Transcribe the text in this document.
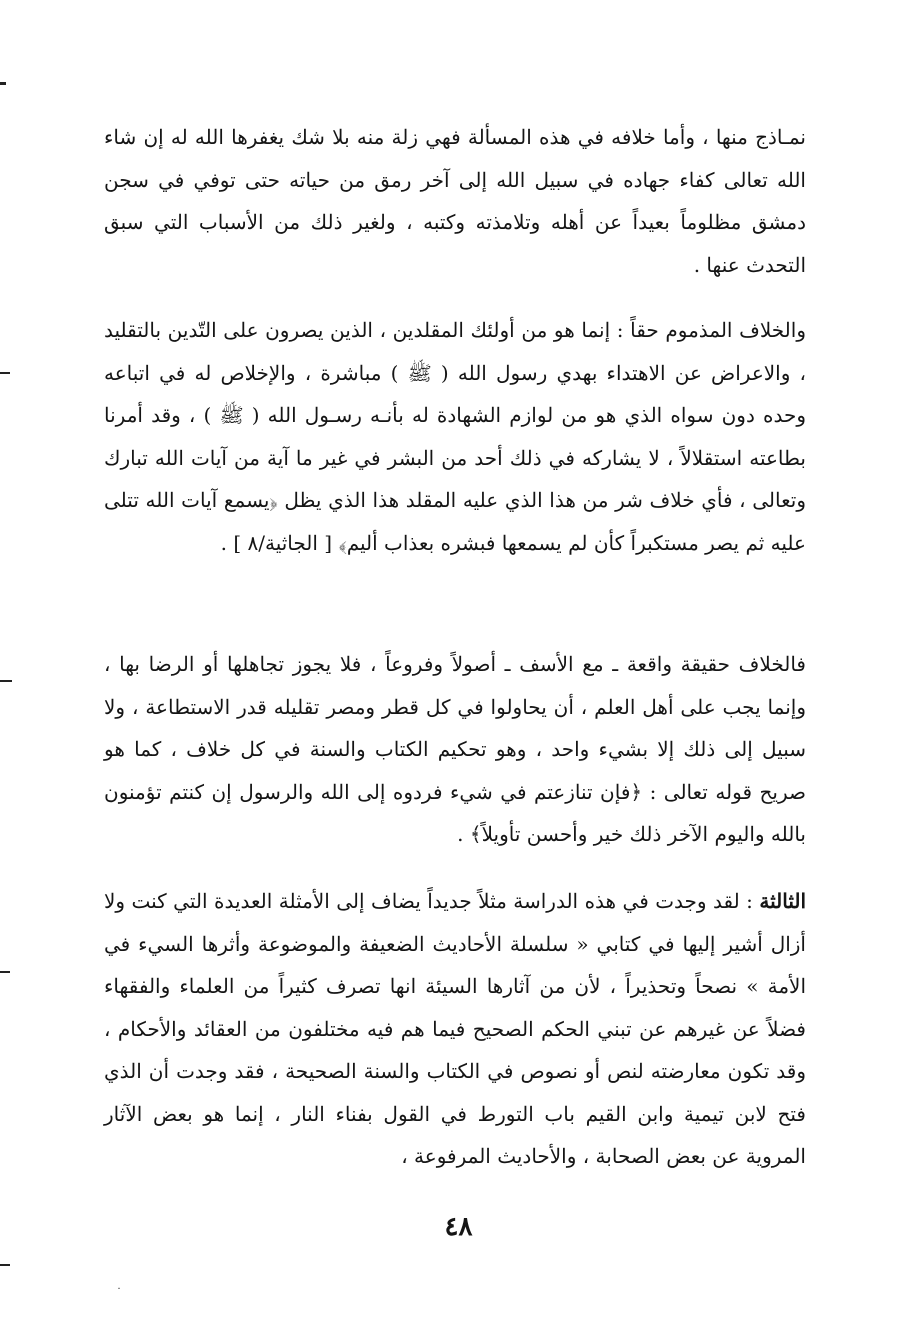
نمـاذج منها ، وأما خلافه في هذه المسألة فهي زلة منه بلا شك يغفرها الله له إن شاء الله تعالى كفاء جهاده في سبيل الله إلى آخر رمق من حياته حتى توفي في سجن دمشق مظلوماً بعيداً عن أهله وتلامذته وكتبه ، ولغير ذلك من الأسباب التي سبق التحدث عنها .

والخلاف المذموم حقاً : إنما هو من أولئك المقلدين ، الذين يصرون على التّدين بالتقليد ، والاعراض عن الاهتداء بهدي رسول الله ( ﷺ ) مباشرة ، والإخلاص له في اتباعه وحده دون سواه الذي هو من لوازم الشهادة له بأنـه رسـول الله ( ﷺ ) ، وقد أمرنا بطاعته استقلالاً ، لا يشاركه في ذلك أحد من البشر في غير ما آية من آيات الله تبارك وتعالى ، فأي خلاف شر من هذا الذي عليه المقلد هذا الذي يظل ﴿يسمع آيات الله تتلى عليه ثم يصر مستكبراً كأن لم يسمعها فبشره بعذاب أليم﴾ [ الجاثية/٨ ] .

فالخلاف حقيقة واقعة ـ مع الأسف ـ أصولاً وفروعاً ، فلا يجوز تجاهلها أو الرضا بها ، وإنما يجب على أهل العلم ، أن يحاولوا في كل قطر ومصر تقليله قدر الاستطاعة ، ولا سبيل إلى ذلك إلا بشيء واحد ، وهو تحكيم الكتاب والسنة في كل خلاف ، كما هو صريح قوله تعالى : ﴿فإن تنازعتم في شيء فردوه إلى الله والرسول إن كنتم تؤمنون بالله واليوم الآخر ذلك خير وأحسن تأويلاً﴾ .

الثالثة : لقد وجدت في هذه الدراسة مثلاً جديداً يضاف إلى الأمثلة العديدة التي كنت ولا أزال أشير إليها في كتابي « سلسلة الأحاديث الضعيفة والموضوعة وأثرها السيء في الأمة » نصحاً وتحذيراً ، لأن من آثارها السيئة انها تصرف كثيراً من العلماء والفقهاء فضلاً عن غيرهم عن تبني الحكم الصحيح فيما هم فيه مختلفون من العقائد والأحكام ، وقد تكون معارضته لنص أو نصوص في الكتاب والسنة الصحيحة ، فقد وجدت أن الذي فتح لابن تيمية وابن القيم باب التورط في القول بفناء النار ، إنما هو بعض الآثار المروية عن بعض الصحابة ، والأحاديث المرفوعة ،

٤٨
˙
